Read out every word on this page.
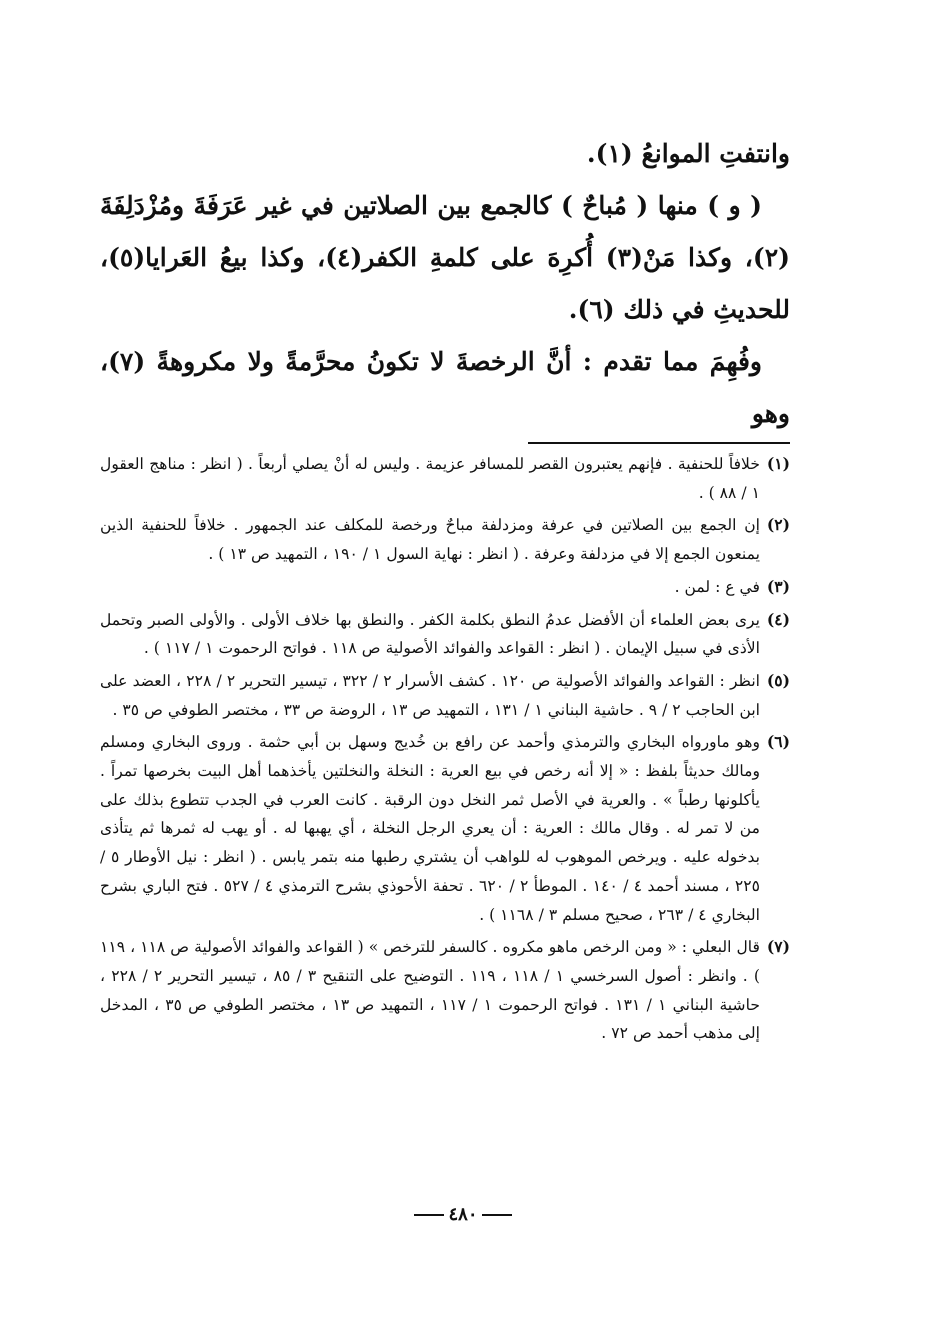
وانتفتِ الموانعُ (١).

( و ) منها ( مُباحٌ ) كالجمع بين الصلاتين في غير عَرَفَةَ ومُزْدَلِفَةَ (٢)، وكذا مَنْ(٣) أُكرِهَ على كلمةِ الكفر(٤)، وكذا بيعُ العَرايا(٥)، للحديثِ في ذلك (٦).

وفُهِمَ مما تقدم : أنَّ الرخصةَ لا تكونُ محرَّمةً ولا مكروهةً (٧)، وهو

(١)
خلافاً للحنفية . فإنهم يعتبرون القصر للمسافر عزيمة . وليس له أنْ يصلي أربعاً . ( انظر : مناهج العقول ١ / ٨٨ ) .
(٢)
إن الجمع بين الصلاتين في عرفة ومزدلفة مباحٌ ورخصة للمكلف عند الجمهور . خلافاً للحنفية الذين يمنعون الجمع إلا في مزدلفة وعرفة . ( انظر : نهاية السول ١ / ١٩٠ ، التمهيد ص ١٣ ) .
(٣)
في ع : لمن .
(٤)
يرى بعض العلماء أن الأفضل عدمُ النطق بكلمة الكفر . والنطق بها خلاف الأولى . والأولى الصبر وتحمل الأذى في سبيل الإيمان . ( انظر : القواعد والفوائد الأصولية ص ١١٨ . فواتح الرحموت ١ / ١١٧ ) .
(٥)
انظر : القواعد والفوائد الأصولية ص ١٢٠ . كشف الأسرار ٢ / ٣٢٢ ، تيسير التحرير ٢ / ٢٢٨ ، العضد على ابن الحاجب ٢ / ٩ . حاشية البناني ١ / ١٣١ ، التمهيد ص ١٣ ، الروضة ص ٣٣ ، مختصر الطوفي ص ٣٥ .
(٦)
وهو ماورواه البخاري والترمذي وأحمد عن رافع بن خُديج وسهل بن أبي حثمة . وروى البخاري ومسلم ومالك حديثاً بلفظ : « إلا أنه رخص في بيع العرية : النخلة والنخلتين يأخذهما أهل البيت بخرصها تمراً . يأكلونها رطباً » . والعرية في الأصل ثمر النخل دون الرقبة . كانت العرب في الجدب تتطوع بذلك على من لا تمر له . وقال مالك : العرية : أن يعري الرجل النخلة ، أي يهبها له . أو يهب له ثمرها ثم يتأذى بدخوله عليه . ويرخص الموهوب له للواهب أن يشتري رطبها منه بتمر يابس . ( انظر : نيل الأوطار ٥ / ٢٢٥ ، مسند أحمد ٤ / ١٤٠ . الموطأ ٢ / ٦٢٠ . تحفة الأحوذي بشرح الترمذي ٤ / ٥٢٧ . فتح الباري بشرح البخاري ٤ / ٢٦٣ ، صحيح مسلم ٣ / ١١٦٨ ) .
(٧)
قال البعلي : « ومن الرخص ماهو مكروه . كالسفر للترخص » ( القواعد والفوائد الأصولية ص ١١٨ ، ١١٩ ) . وانظر : أصول السرخسي ١ / ١١٨ ، ١١٩ . التوضيح على التنقيح ٣ / ٨٥ ، تيسير التحرير ٢ / ٢٢٨ ، حاشية البناني ١ / ١٣١ . فواتح الرحموت ١ / ١١٧ ، التمهيد ص ١٣ ، مختصر الطوفي ص ٣٥ ، المدخل إلى مذهب أحمد ص ٧٢ .
٤٨٠
